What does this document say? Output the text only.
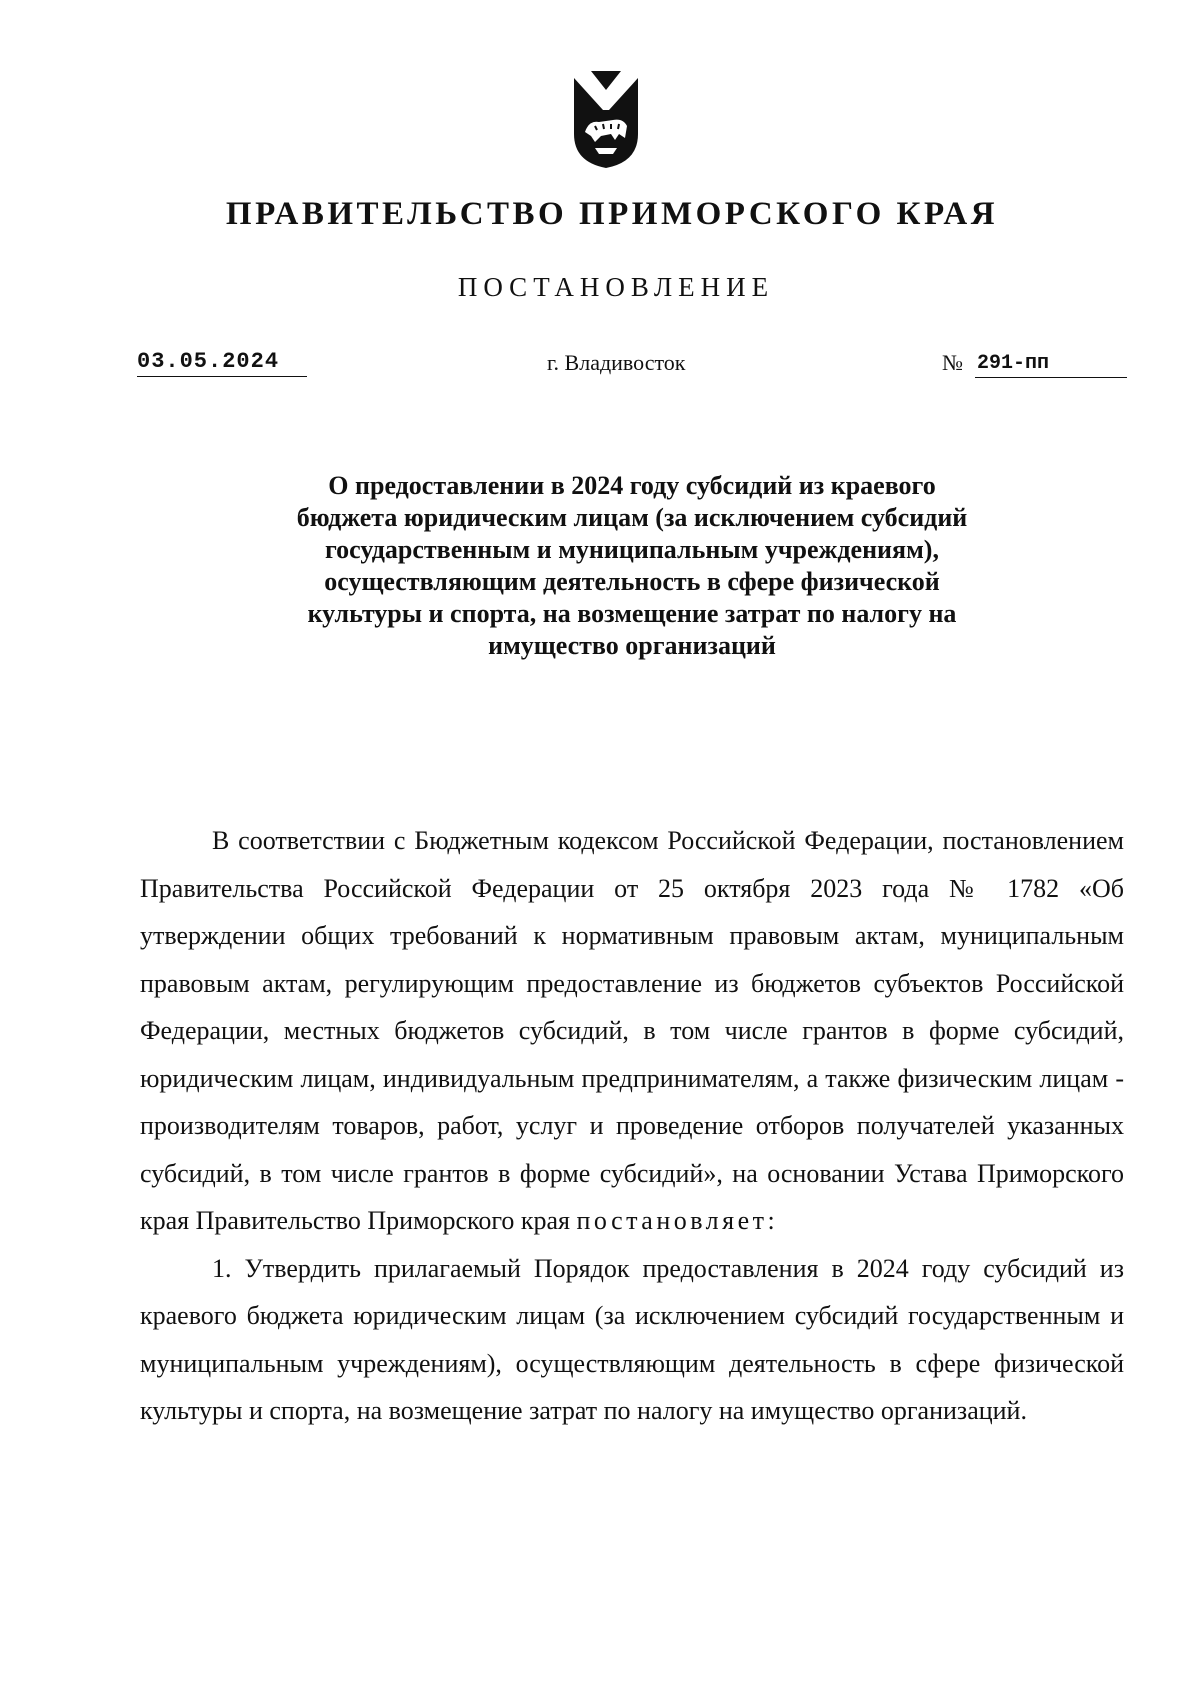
ПРАВИТЕЛЬСТВО ПРИМОРСКОГО КРАЯ
ПОСТАНОВЛЕНИЕ
03.05.2024	г. Владивосток	№ 291-пп
О предоставлении в 2024 году субсидий из краевого
бюджета юридическим лицам (за исключением субсидий
государственным и муниципальным учреждениям),
осуществляющим деятельность в сфере физической
культуры и спорта, на возмещение затрат по налогу на
имущество организаций

В соответствии с Бюджетным кодексом Российской Федерации, постановлением Правительства Российской Федерации от 25 октября 2023 года № 1782 «Об утверждении общих требований к нормативным правовым актам, муниципальным правовым актам, регулирующим предоставление из бюджетов субъектов Российской Федерации, местных бюджетов субсидий, в том числе грантов в форме субсидий, юридическим лицам, индивидуальным предпринимателям, а также физическим лицам - производителям товаров, работ, услуг и проведение отборов получателей указанных субсидий, в том числе грантов в форме субсидий», на основании Устава Приморского края Правительство Приморского края постановляет:

1. Утвердить прилагаемый Порядок предоставления в 2024 году субсидий из краевого бюджета юридическим лицам (за исключением субсидий государственным и муниципальным учреждениям), осуществляющим деятельность в сфере физической культуры и спорта, на возмещение затрат по налогу на имущество организаций.
